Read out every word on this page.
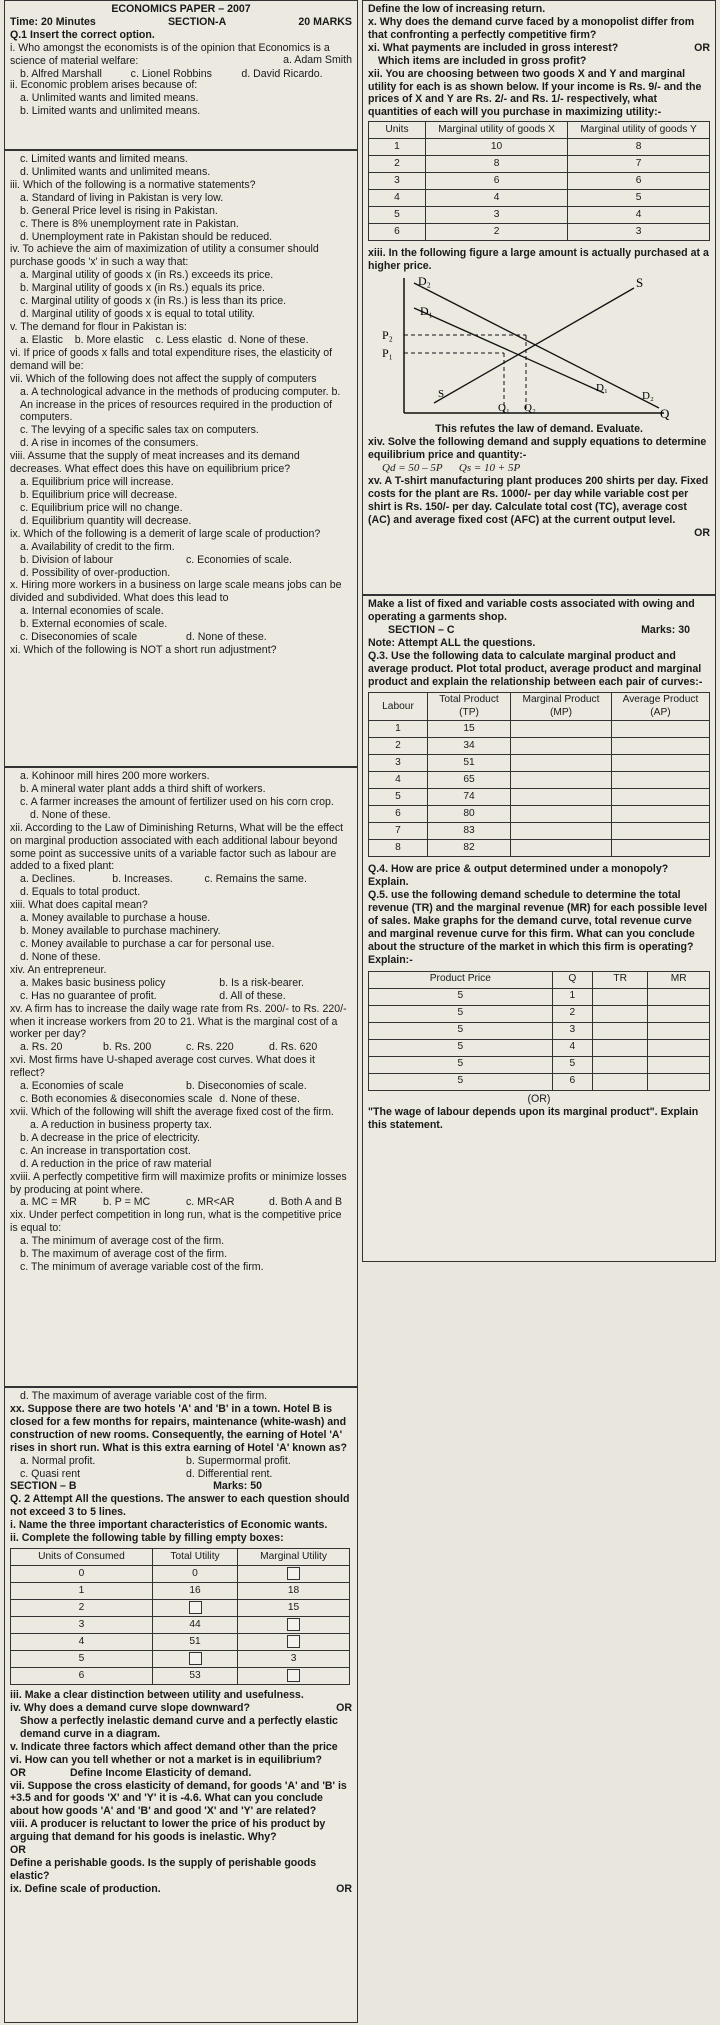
ECONOMICS PAPER – 2007
Time: 20 Minutes	SECTION-A	20 MARKS
Q.1 Insert the correct option.
i. Who amongst the economists is of the opinion that Economics is a science of material welfare:
b. Alfred Marshall	c. Lionel Robbins	d. David Ricardo.
a. Adam Smith
ii. Economic problem arises because of:
a. Unlimited wants and limited means.
b. Limited wants and unlimited means.
c. Limited wants and limited means.
d. Unlimited wants and unlimited means.
iii. Which of the following is a normative statements?
a. Standard of living in Pakistan is very low.
b. General Price level is rising in Pakistan.
c. There is 8% unemployment rate in Pakistan.
d. Unemployment rate in Pakistan should be reduced.
iv. To achieve the aim of maximization of utility a consumer should purchase goods 'x' in such a way that:
a. Marginal utility of goods x (in Rs.) exceeds its price.
b. Marginal utility of goods x (in Rs.) equals its price.
c. Marginal utility of goods x (in Rs.) is less than its price.
d. Marginal utility of goods x is equal to total utility.
v. The demand for flour in Pakistan is:
a. Elastic    b. More elastic    c. Less elastic  d. None of these.
vi. If price of goods x falls and total expenditure rises, the elasticity of demand will be:
vii. Which of the following does not affect the supply of computers
a. A technological advance in the methods of producing computer. b. An increase in the prices of resources required in the production of computers.
c. The levying of a specific sales tax on computers.
d. A rise in incomes of the consumers.
viii. Assume that the supply of meat increases and its demand decreases. What effect does this have on equilibrium price?
a. Equilibrium price will increase.
b. Equilibrium price will decrease.
c. Equilibrium price will no change.
d. Equilibrium quantity will decrease.
ix. Which of the following is a demerit of large scale of production?
a. Availability of credit to the firm.
b. Division of labour	c. Economies of scale.
d. Possibility of over-production.
x. Hiring more workers in a business on large scale means jobs can be divided and subdivided. What does this lead to
a. Internal economies of scale.
b. External economies of scale.
c. Diseconomies of scale	d. None of these.
xi. Which of the following is NOT a short run adjustment?
a. Kohinoor mill hires 200 more workers.
b. A mineral water plant adds a third shift of workers.
c. A farmer increases the amount of fertilizer used on his corn crop.
d. None of these.
xii. According to the Law of Diminishing Returns, What will be the effect on marginal production associated with each additional labour beyond some point as successive units of a variable factor such as labour are added to a fixed plant:
a. Declines.	b. Increases.	c. Remains the same.
d. Equals to total product.
xiii. What does capital mean?
a. Money available to purchase a house.
b. Money available to purchase machinery.
c. Money available to purchase a car for personal use.
d. None of these.
xiv. An entrepreneur.
a. Makes basic business policy	b. Is a risk-bearer.
c. Has no guarantee of profit.	d. All of these.
xv. A firm has to increase the daily wage rate from Rs. 200/- to Rs. 220/- when it increase workers from 20 to 21. What is the marginal cost of a worker per day?
a. Rs. 20	b. Rs. 200	c. Rs. 220	d. Rs. 620
xvi. Most firms have U-shaped average cost curves. What does it reflect?
a. Economies of scale	b. Diseconomies of scale.
c. Both economies & diseconomies scale d. None of these.
xvii. Which of the following will shift the average fixed cost of the firm.
a. A reduction in business property tax.
b. A decrease in the price of electricity.
c. An increase in transportation cost.
d. A reduction in the price of raw material
xviii. A perfectly competitive firm will maximize profits or minimize losses by producing at point where.
a. MC = MR	b. P = MC	c. MR<AR	d. Both A and B
xix. Under perfect competition in long run, what is the competitive price is equal to:
a. The minimum of average cost of the firm.
b. The maximum of average cost of the firm.
c. The minimum of average variable cost of the firm.
d. The maximum of average variable cost of the firm.
xx. Suppose there are two hotels 'A' and 'B' in a town. Hotel B is closed for a few months for repairs, maintenance (white-wash) and construction of new rooms. Consequently, the earning of Hotel 'A' rises in short run. What is this extra earning of Hotel 'A' known as?
a. Normal profit.	b. Supermormal profit.
c. Quasi rent	d. Differential rent.
SECTION – B	Marks: 50
Q. 2 Attempt All the questions. The answer to each question should not exceed 3 to 5 lines.
i. Name the three important characteristics of Economic wants.
ii. Complete the following table by filling empty boxes:
Units of Consumed	Total Utility	Marginal Utility
0	0	
1	16	18
2		15
3	44	
4	51	
5		3
6	53	
iii. Make a clear distinction between utility and usefulness.
iv. Why does a demand curve slope downward?	OR
Show a perfectly inelastic demand curve and a perfectly elastic demand curve in a diagram.
v. Indicate three factors which affect demand other than the price
vi. How can you tell whether or not a market is in equilibrium?
OR	Define Income Elasticity of demand.
vii. Suppose the cross elasticity of demand, for goods 'A' and 'B' is +3.5 and for goods 'X' and 'Y' it is -4.6. What can you conclude about how goods 'A' and 'B' and good 'X' and 'Y' are related?
viii. A producer is reluctant to lower the price of his product by arguing that demand for his goods is inelastic. Why?
OR
Define a perishable goods. Is the supply of perishable goods elastic?
ix. Define scale of production.	OR
Define the low of increasing return.
x. Why does the demand curve faced by a monopolist differ from that confronting a perfectly competitive firm?
xi. What payments are included in gross interest?	OR
Which items are included in gross profit?
xii. You are choosing between two goods X and Y and marginal utility for each is as shown below. If your income is Rs. 9/- and the prices of X and Y are Rs. 2/- and Rs. 1/- respectively, what quantities of each will you purchase in maximizing utility:-
Units	Marginal utility of goods X	Marginal utility of goods Y
1	10	8
2	8	7
3	6	6
4	4	5
5	3	4
6	2	3
xiii. In the following figure a large amount is actually purchased at a higher price.
D₂
D₁
S
P₂
P₁
Q
Q₁ Q₂
D₁
D₂
S
This refutes the law of demand. Evaluate.
xiv. Solve the following demand and supply equations to determine equilibrium price and quantity:-
Qd = 50 – 5P      Qs = 10 + 5P
xv. A T-shirt manufacturing plant produces 200 shirts per day. Fixed costs for the plant are Rs. 1000/- per day while variable cost per shirt is Rs. 150/- per day. Calculate total cost (TC), average cost (AC) and average fixed cost (AFC) at the current output level.
OR
Make a list of fixed and variable costs associated with owing and operating a garments shop.
SECTION – C	Marks: 30
Note: Attempt ALL the questions.
Q.3. Use the following data to calculate marginal product and average product. Plot total product, average product and marginal product and explain the relationship between each pair of curves:-
Labour	Total Product (TP)	Marginal Product (MP)	Average Product (AP)
1	15		
2	34		
3	51		
4	65		
5	74		
6	80		
7	83		
8	82		
Q.4. How are price & output determined under a monopoly? Explain.
Q.5. use the following demand schedule to determine the total revenue (TR) and the marginal revenue (MR) for each possible level of sales. Make graphs for the demand curve, total revenue curve and marginal revenue curve for this firm. What can you conclude about the structure of the market in which this firm is operating? Explain:-
Product Price	Q	TR	MR
5	1		
5	2		
5	3		
5	4		
5	5		
5	6		
(OR)
"The wage of labour depends upon its marginal product". Explain this statement.
